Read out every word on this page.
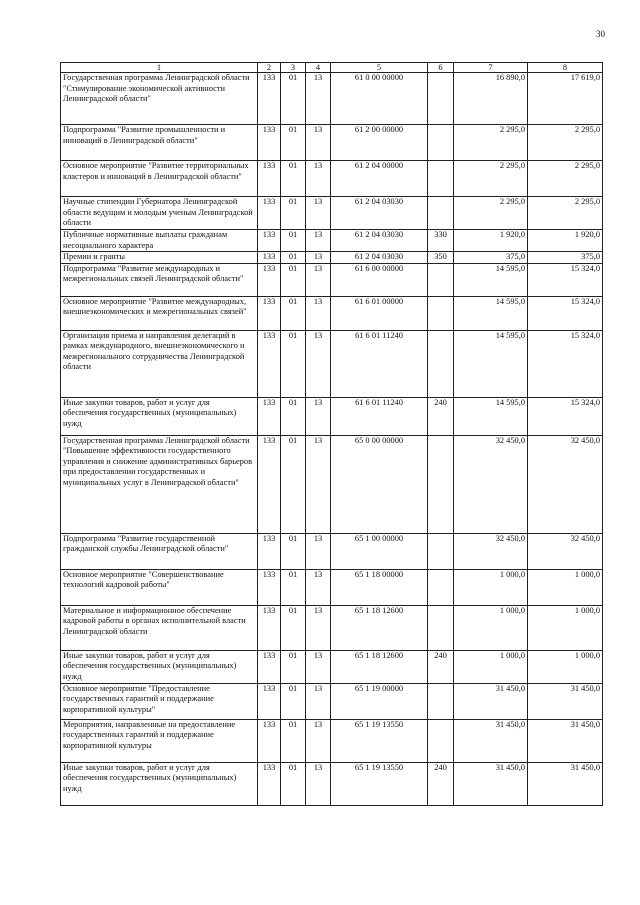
30
1	2	3	4	5	6	7	8
Государственная программа Ленинградской области "Стимулирование экономической активности Ленинградской области"	133	01	13	61 0 00 00000		16 890,0	17 619,0
Подпрограмма "Развитие промышленности и инноваций в Ленинградской области"	133	01	13	61 2 00 00000		2 295,0	2 295,0
Основное мероприятие "Развитие территориальных кластеров и инноваций в Ленинградской области"	133	01	13	61 2 04 00000		2 295,0	2 295,0
Научные стипендии Губернатора Ленинградской области ведущим и молодым ученым Ленинградской области	133	01	13	61 2 04 03030		2 295,0	2 295,0
Публичные нормативные выплаты гражданам несоциального характера	133	01	13	61 2 04 03030	330	1 920,0	1 920,0
Премии и гранты	133	01	13	61 2 04 03030	350	375,0	375,0
Подпрограмма "Развитие международных и межрегиональных связей Ленинградской области"	133	01	13	61 6 00 00000		14 595,0	15 324,0
Основное мероприятие "Развитие международных, внешнеэкономических и межрегиональных связей"	133	01	13	61 6 01 00000		14 595,0	15 324,0
Организация приема и направления делегаций в рамках международного, внешнеэкономического и межрегионального сотрудничества Ленинградской области	133	01	13	61 6 01 11240		14 595,0	15 324,0
Иные закупки товаров, работ и услуг для обеспечения государственных (муниципальных) нужд	133	01	13	61 6 01 11240	240	14 595,0	15 324,0
Государственная программа Ленинградской области "Повышение эффективности государственного управления и снижение административных барьеров при предоставлении государственных и муниципальных услуг в Ленинградской области"	133	01	13	65 0 00 00000		32 450,0	32 450,0
Подпрограмма "Развитие государственной гражданской службы Ленинградской области"	133	01	13	65 1 00 00000		32 450,0	32 450,0
Основное мероприятие "Совершенствование технологий кадровой работы"	133	01	13	65 1 18 00000		1 000,0	1 000,0
Материальное и информационное обеспечение кадровой работы в органах исполнительной власти Ленинградской области	133	01	13	65 1 18 12600		1 000,0	1 000,0
Иные закупки товаров, работ и услуг для обеспечения государственных (муниципальных) нужд	133	01	13	65 1 18 12600	240	1 000,0	1 000,0
Основное мероприятие "Предоставление государственных гарантий и поддержание корпоративной культуры"	133	01	13	65 1 19 00000		31 450,0	31 450,0
Мероприятия, направленные на предоставление государственных гарантий и поддержание корпоративной культуры	133	01	13	65 1 19 13550		31 450,0	31 450,0
Иные закупки товаров, работ и услуг для обеспечения государственных (муниципальных) нужд	133	01	13	65 1 19 13550	240	31 450,0	31 450,0
